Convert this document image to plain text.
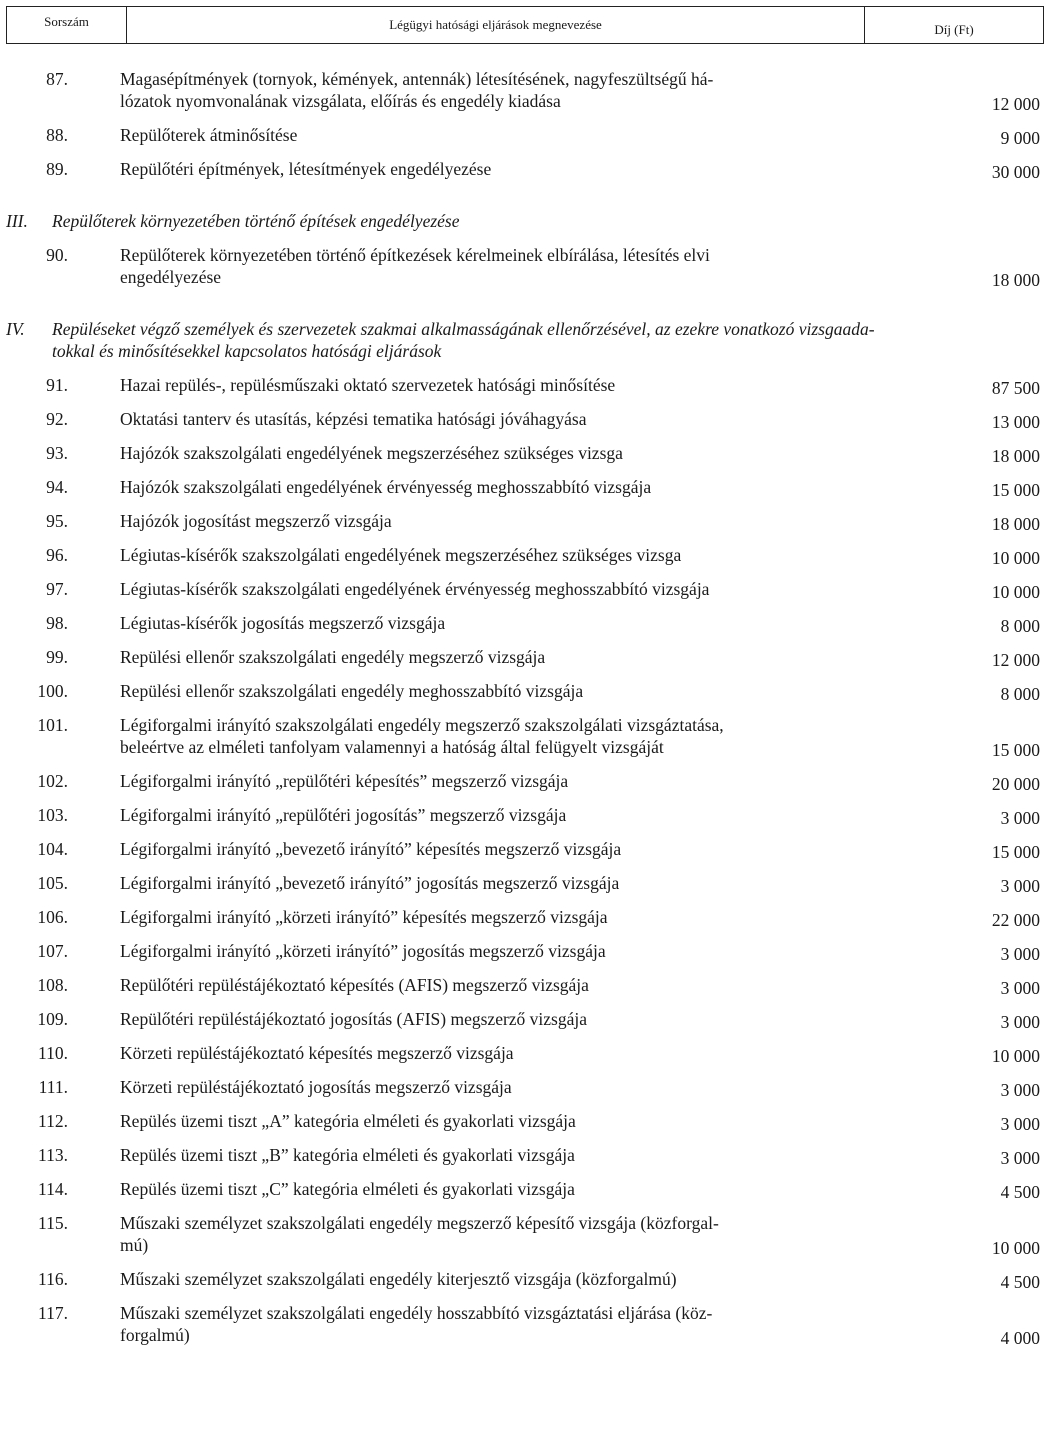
Sorszám	Légügyi hatósági eljárások megnevezése	Díj (Ft)
87.	Magasépítmények (tornyok, kémények, antennák) létesítésének, nagyfeszültségű há-
lózatok nyomvonalának vizsgálata, előírás és engedély kiadása	12 000
88.	Repülőterek átminősítése	9 000
89.	Repülőtéri építmények, létesítmények engedélyezése	30 000
III.	Repülőterek környezetében történő építések engedélyezése
90.	Repülőterek környezetében történő építkezések kérelmeinek elbírálása, létesítés elvi
engedélyezése	18 000
IV.	Repüléseket végző személyek és szervezetek szakmai alkalmasságának ellenőrzésével, az ezekre vonatkozó vizsgaada-
tokkal és minősítésekkel kapcsolatos hatósági eljárások
91.	Hazai repülés-, repülésműszaki oktató szervezetek hatósági minősítése	87 500
92.	Oktatási tanterv és utasítás, képzési tematika hatósági jóváhagyása	13 000
93.	Hajózók szakszolgálati engedélyének megszerzéséhez szükséges vizsga	18 000
94.	Hajózók szakszolgálati engedélyének érvényesség meghosszabbító vizsgája	15 000
95.	Hajózók jogosítást megszerző vizsgája	18 000
96.	Légiutas-kísérők szakszolgálati engedélyének megszerzéséhez szükséges vizsga	10 000
97.	Légiutas-kísérők szakszolgálati engedélyének érvényesség meghosszabbító vizsgája	10 000
98.	Légiutas-kísérők jogosítás megszerző vizsgája	8 000
99.	Repülési ellenőr szakszolgálati engedély megszerző vizsgája	12 000
100.	Repülési ellenőr szakszolgálati engedély meghosszabbító vizsgája	8 000
101.	Légiforgalmi irányító szakszolgálati engedély megszerző szakszolgálati vizsgáztatása,
beleértve az elméleti tanfolyam valamennyi a hatóság által felügyelt vizsgáját	15 000
102.	Légiforgalmi irányító „repülőtéri képesítés” megszerző vizsgája	20 000
103.	Légiforgalmi irányító „repülőtéri jogosítás” megszerző vizsgája	3 000
104.	Légiforgalmi irányító „bevezető irányító” képesítés megszerző vizsgája	15 000
105.	Légiforgalmi irányító „bevezető irányító” jogosítás megszerző vizsgája	3 000
106.	Légiforgalmi irányító „körzeti irányító” képesítés megszerző vizsgája	22 000
107.	Légiforgalmi irányító „körzeti irányító” jogosítás megszerző vizsgája	3 000
108.	Repülőtéri repüléstájékoztató képesítés (AFIS) megszerző vizsgája	3 000
109.	Repülőtéri repüléstájékoztató jogosítás (AFIS) megszerző vizsgája	3 000
110.	Körzeti repüléstájékoztató képesítés megszerző vizsgája	10 000
111.	Körzeti repüléstájékoztató jogosítás megszerző vizsgája	3 000
112.	Repülés üzemi tiszt „A” kategória elméleti és gyakorlati vizsgája	3 000
113.	Repülés üzemi tiszt „B” kategória elméleti és gyakorlati vizsgája	3 000
114.	Repülés üzemi tiszt „C” kategória elméleti és gyakorlati vizsgája	4 500
115.	Műszaki személyzet szakszolgálati engedély megszerző képesítő vizsgája (közforgal-
mú)	10 000
116.	Műszaki személyzet szakszolgálati engedély kiterjesztő vizsgája (közforgalmú)	4 500
117.	Műszaki személyzet szakszolgálati engedély hosszabbító vizsgáztatási eljárása (köz-
forgalmú)	4 000
